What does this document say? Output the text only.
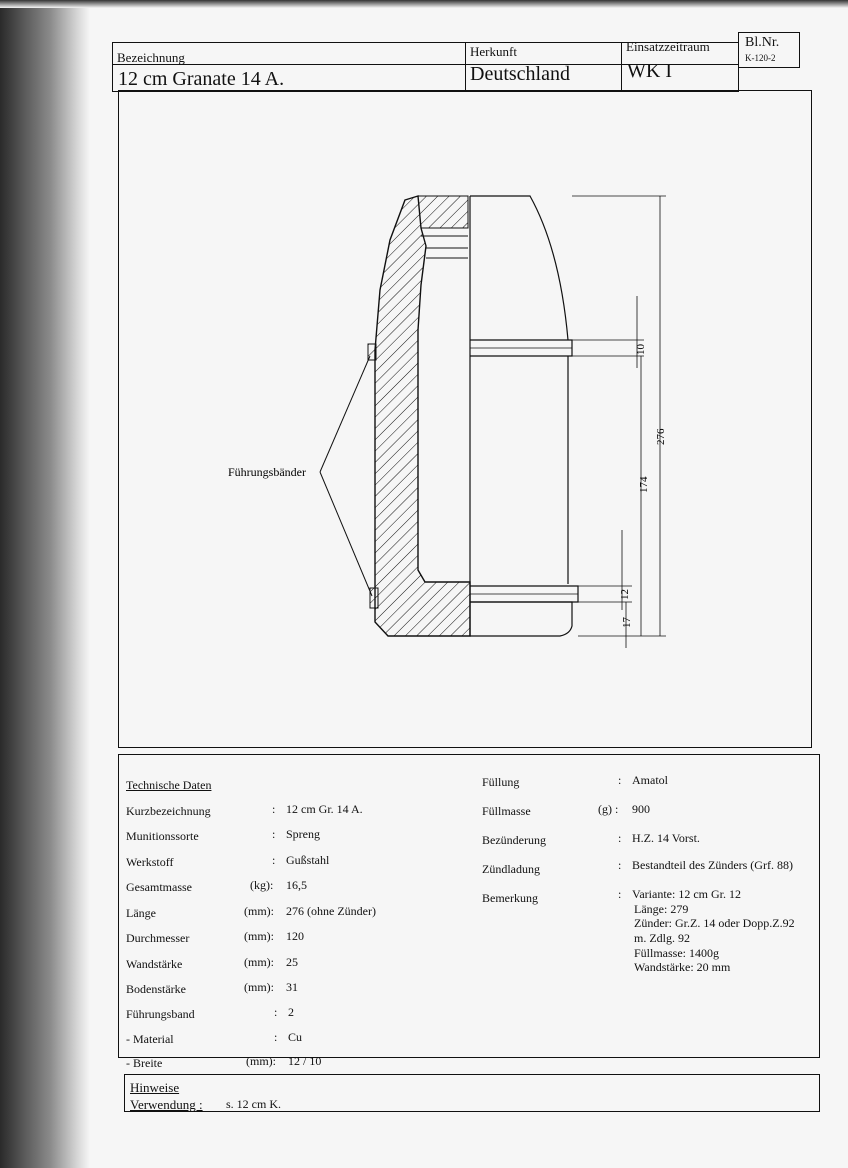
Bezeichnung
12 cm Granate 14 A.
Herkunft
Deutschland
Einsatzzeitraum
WK I
Bl.Nr.
K-120-2
Führungsbänder
276
10
174
12
17
Technische Daten
Kurzbezeichnung	: 12 cm Gr. 14 A.
Munitionssorte	: Spreng
Werkstoff	: Gußstahl
Gesamtmasse	(kg): 16,5
Länge	(mm): 276 (ohne Zünder)
Durchmesser	(mm): 120
Wandstärke	(mm): 25
Bodenstärke	(mm): 31
Führungsband	: 2
- Material	: Cu
- Breite	(mm): 12 / 10
Füllung	: Amatol
Füllmasse	(g) : 900
Bezünderung	: H.Z. 14 Vorst.
Zündladung	: Bestandteil des Zünders (Grf. 88)
Bemerkung	: Variante: 12 cm Gr. 12
Länge: 279
Zünder: Gr.Z. 14 oder Dopp.Z.92
m. Zdlg. 92
Füllmasse: 1400g
Wandstärke: 20 mm
Hinweise
Verwendung : s. 12 cm K.
